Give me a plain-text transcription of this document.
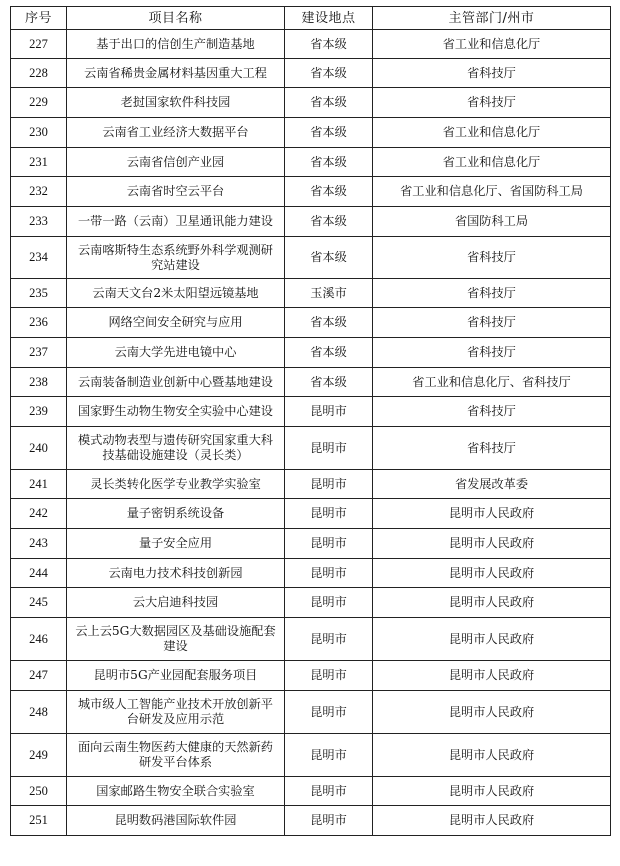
序号	项目名称	建设地点	主管部门/州市
227	基于出口的信创生产制造基地	省本级	省工业和信息化厅
228	云南省稀贵金属材料基因重大工程	省本级	省科技厅
229	老挝国家软件科技园	省本级	省科技厅
230	云南省工业经济大数据平台	省本级	省工业和信息化厅
231	云南省信创产业园	省本级	省工业和信息化厅
232	云南省时空云平台	省本级	省工业和信息化厅、省国防科工局
233	一带一路（云南）卫星通讯能力建设	省本级	省国防科工局
234	云南喀斯特生态系统野外科学观测研究站建设	省本级	省科技厅
235	云南天文台2米太阳望远镜基地	玉溪市	省科技厅
236	网络空间安全研究与应用	省本级	省科技厅
237	云南大学先进电镜中心	省本级	省科技厅
238	云南装备制造业创新中心暨基地建设	省本级	省工业和信息化厅、省科技厅
239	国家野生动物生物安全实验中心建设	昆明市	省科技厅
240	模式动物表型与遗传研究国家重大科技基础设施建设（灵长类）	昆明市	省科技厅
241	灵长类转化医学专业教学实验室	昆明市	省发展改革委
242	量子密钥系统设备	昆明市	昆明市人民政府
243	量子安全应用	昆明市	昆明市人民政府
244	云南电力技术科技创新园	昆明市	昆明市人民政府
245	云大启迪科技园	昆明市	昆明市人民政府
246	云上云5G大数据园区及基础设施配套建设	昆明市	昆明市人民政府
247	昆明市5G产业园配套服务项目	昆明市	昆明市人民政府
248	城市级人工智能产业技术开放创新平台研发及应用示范	昆明市	昆明市人民政府
249	面向云南生物医药大健康的天然新药研发平台体系	昆明市	昆明市人民政府
250	国家邮路生物安全联合实验室	昆明市	昆明市人民政府
251	昆明数码港国际软件园	昆明市	昆明市人民政府
